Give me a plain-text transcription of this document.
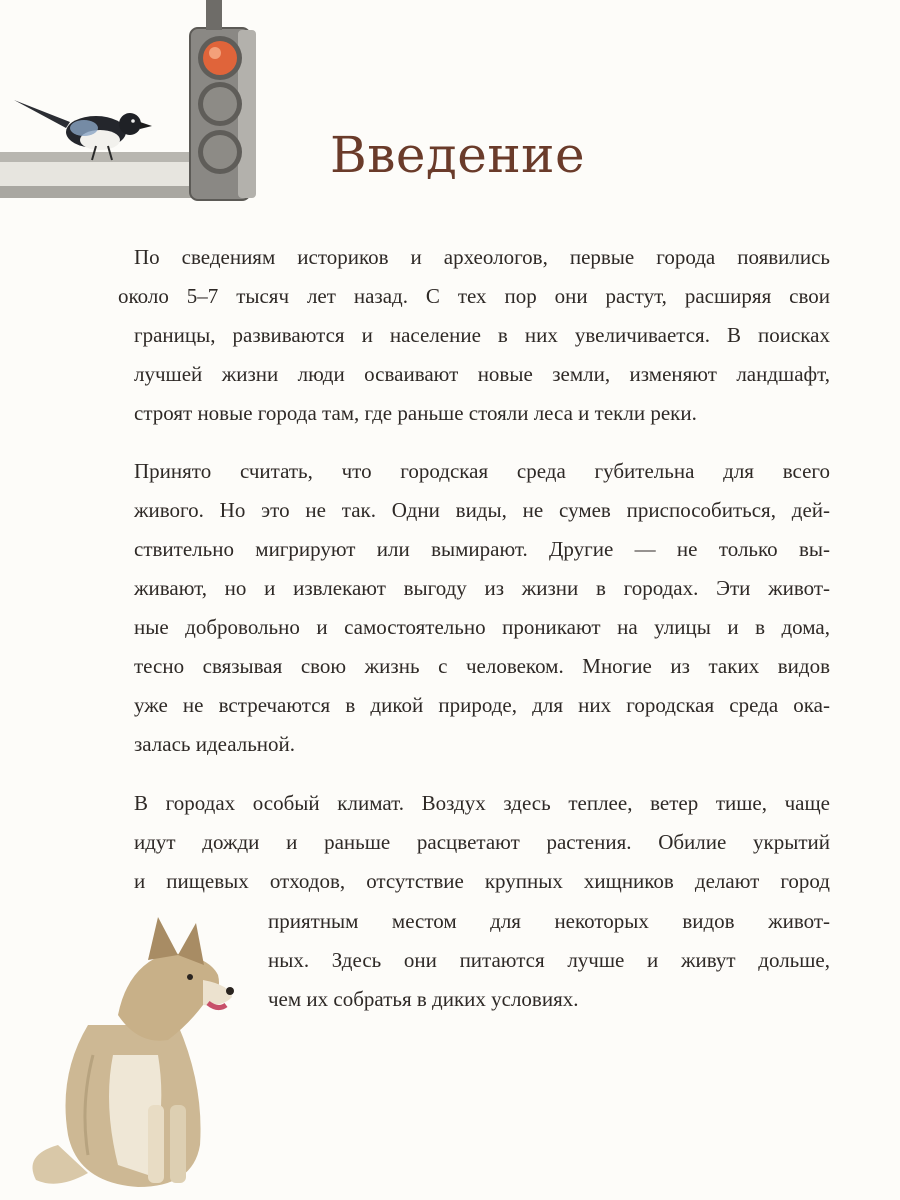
Введение
По сведениям историков и археологов, первые города появились
около 5–7 тысяч лет назад. С тех пор они растут, расширяя свои
границы, развиваются и население в них увеличивается. В поисках
лучшей жизни люди осваивают новые земли, изменяют ландшафт,
строят новые города там, где раньше стояли леса и текли реки.
Принято считать, что городская среда губительна для всего
живого. Но это не так. Одни виды, не сумев приспособиться, дей-
ствительно мигрируют или вымирают. Другие — не только вы-
живают, но и извлекают выгоду из жизни в городах. Эти живот-
ные добровольно и самостоятельно проникают на улицы и в дома,
тесно связывая свою жизнь с человеком. Многие из таких видов
уже не встречаются в дикой природе, для них городская среда ока-
залась идеальной.
В городах особый климат. Воздух здесь теплее, ветер тише, чаще
идут дожди и раньше расцветают растения. Обилие укрытий
и пищевых отходов, отсутствие крупных хищников делают город
приятным местом для некоторых видов живот-
ных. Здесь они питаются лучше и живут дольше,
чем их собратья в диких условиях.
